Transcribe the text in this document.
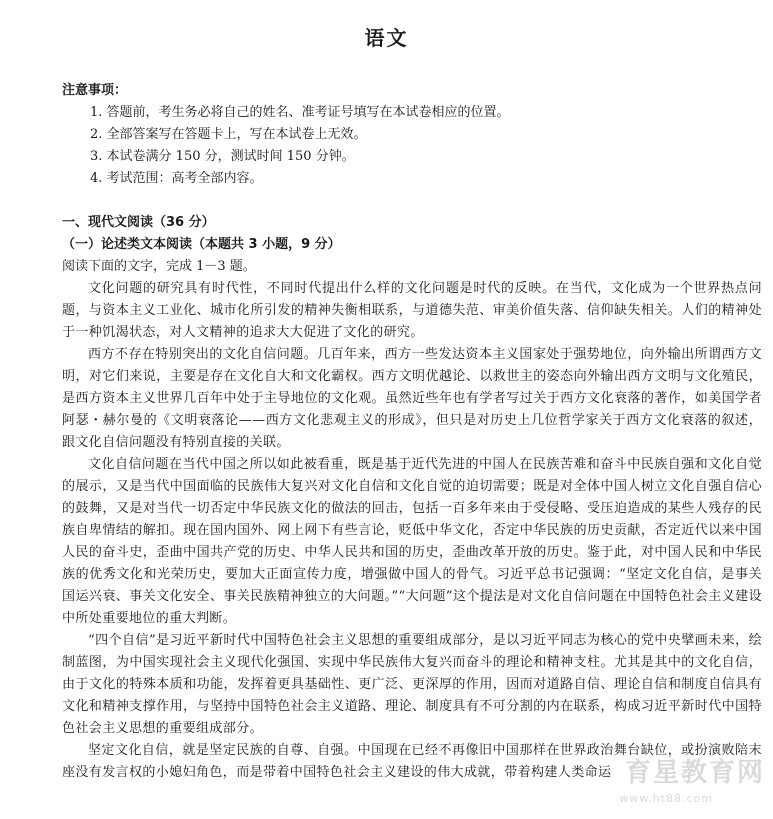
语文
注意事项：
1. 答题前，考生务必将自己的姓名、准考证号填写在本试卷相应的位置。
2. 全部答案写在答题卡上，写在本试卷上无效。
3. 本试卷满分 150 分，测试时间 150 分钟。
4. 考试范围：高考全部内容。
一、现代文阅读（36 分）
（一）论述类文本阅读（本题共 3 小题，9 分）
阅读下面的文字，完成 1－3 题。

文化问题的研究具有时代性，不同时代提出什么样的文化问题是时代的反映。在当代，文化成为一个世界热点问题，与资本主义工业化、城市化所引发的精神失衡相联系，与道德失范、审美价值失落、信仰缺失相关。人们的精神处于一种饥渴状态，对人文精神的追求大大促进了文化的研究。

西方不存在特别突出的文化自信问题。几百年来，西方一些发达资本主义国家处于强势地位，向外输出所谓西方文明，对它们来说，主要是存在文化自大和文化霸权。西方文明优越论、以救世主的姿态向外输出西方文明与文化殖民，是西方资本主义世界几百年中处于主导地位的文化观。虽然近些年也有学者写过关于西方文化衰落的著作，如美国学者阿瑟・赫尔曼的《文明衰落论——西方文化悲观主义的形成》，但只是对历史上几位哲学家关于西方文化衰落的叙述，跟文化自信问题没有特别直接的关联。

文化自信问题在当代中国之所以如此被看重，既是基于近代先进的中国人在民族苦难和奋斗中民族自强和文化自觉的展示，又是当代中国面临的民族伟大复兴对文化自信和文化自觉的迫切需要；既是对全体中国人树立文化自强自信心的鼓舞，又是对当代一切否定中华民族文化的做法的回击，包括一百多年来由于受侵略、受压迫造成的某些人残存的民族自卑情结的解扣。现在国内国外、网上网下有些言论，贬低中华文化，否定中华民族的历史贡献，否定近代以来中国人民的奋斗史，歪曲中国共产党的历史、中华人民共和国的历史，歪曲改革开放的历史。鉴于此，对中国人民和中华民族的优秀文化和光荣历史，要加大正面宣传力度，增强做中国人的骨气。习近平总书记强调：“坚定文化自信，是事关国运兴衰、事关文化安全、事关民族精神独立的大问题。”“大问题”这个提法是对文化自信问题在中国特色社会主义建设中所处重要地位的重大判断。

“四个自信”是习近平新时代中国特色社会主义思想的重要组成部分，是以习近平同志为核心的党中央擘画未来，绘制蓝图，为中国实现社会主义现代化强国、实现中华民族伟大复兴而奋斗的理论和精神支柱。尤其是其中的文化自信，由于文化的特殊本质和功能，发挥着更具基础性、更广泛、更深厚的作用，因而对道路自信、理论自信和制度自信具有文化和精神支撑作用，与坚持中国特色社会主义道路、理论、制度具有不可分割的内在联系，构成习近平新时代中国特色社会主义思想的重要组成部分。

坚定文化自信，就是坚定民族的自尊、自强。中国现在已经不再像旧中国那样在世界政治舞台缺位，或扮演败陪末座没有发言权的小媳妇角色，而是带着中国特色社会主义建设的伟大成就，带着构建人类命运 育星教育网
www.ht88.com
